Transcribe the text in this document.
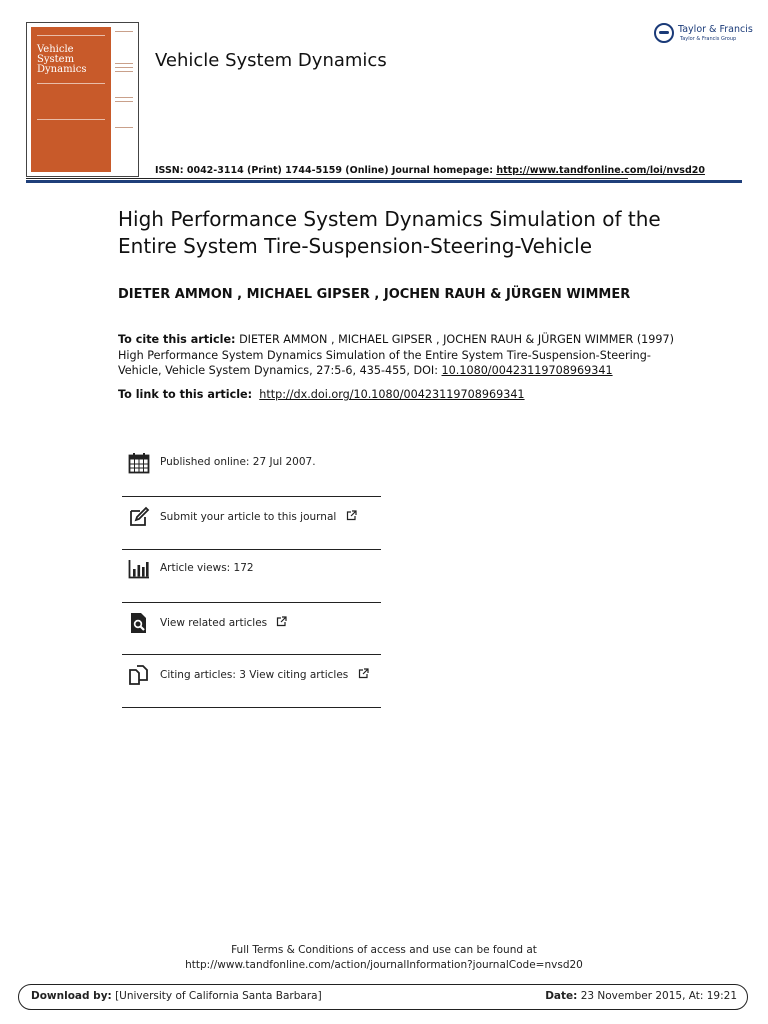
Vehicle
System
Dynamics	Vehicle System Dynamics
ISSN: 0042-3114 (Print) 1744-5159 (Online) Journal homepage: http://www.tandfonline.com/loi/nvsd20
Taylor & Francis
Taylor & Francis Group
High Performance System Dynamics Simulation of the Entire System Tire-Suspension-Steering-Vehicle
DIETER AMMON , MICHAEL GIPSER , JOCHEN RAUH & JÜRGEN WIMMER
To cite this article: DIETER AMMON , MICHAEL GIPSER , JOCHEN RAUH & JÜRGEN WIMMER (1997) High Performance System Dynamics Simulation of the Entire System Tire-Suspension-Steering-Vehicle, Vehicle System Dynamics, 27:5-6, 435-455, DOI: 10.1080/00423119708969341
To link to this article: http://dx.doi.org/10.1080/00423119708969341
Published online: 27 Jul 2007.
Submit your article to this journal
Article views: 172
View related articles
Citing articles: 3 View citing articles
Full Terms & Conditions of access and use can be found at
http://www.tandfonline.com/action/journalInformation?journalCode=nvsd20
Download by: [University of California Santa Barbara]	Date: 23 November 2015, At: 19:21
